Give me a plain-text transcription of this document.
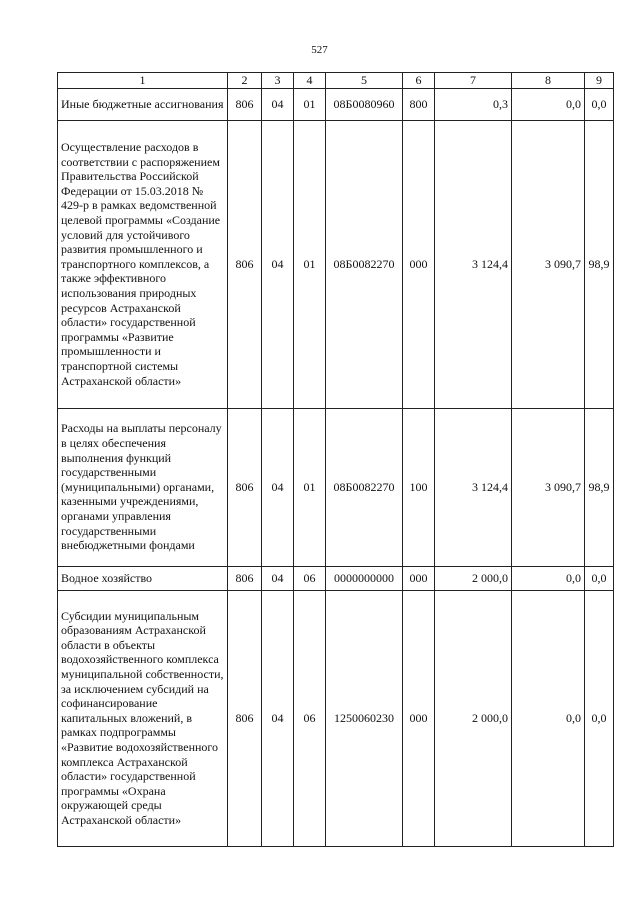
527
1	2	3	4	5	6	7	8	9
Иные бюджетные ассигнования	806	04	01	08Б0080960	800	0,3	0,0	0,0
Осуществление расходов в соответствии с распоряжением Правительства Российской Федерации от 15.03.2018 № 429-р в рамках ведомственной целевой программы «Создание условий для устойчивого развития промышленного и транспортного комплексов, а также эффективного использования природных ресурсов Астраханской области» государственной программы «Развитие промышленности и транспортной системы Астраханской области»	806	04	01	08Б0082270	000	3 124,4	3 090,7	98,9
Расходы на выплаты персоналу в целях обеспечения выполнения функций государственными (муниципальными) органами, казенными учреждениями, органами управления государственными внебюджетными фондами	806	04	01	08Б0082270	100	3 124,4	3 090,7	98,9
Водное хозяйство	806	04	06	0000000000	000	2 000,0	0,0	0,0
Субсидии муниципальным образованиям Астраханской области в объекты водохозяйственного комплекса муниципальной собственности, за исключением субсидий на софинансирование капитальных вложений, в рамках подпрограммы «Развитие водохозяйственного комплекса Астраханской области» государственной программы «Охрана окружающей среды Астраханской области»	806	04	06	1250060230	000	2 000,0	0,0	0,0
